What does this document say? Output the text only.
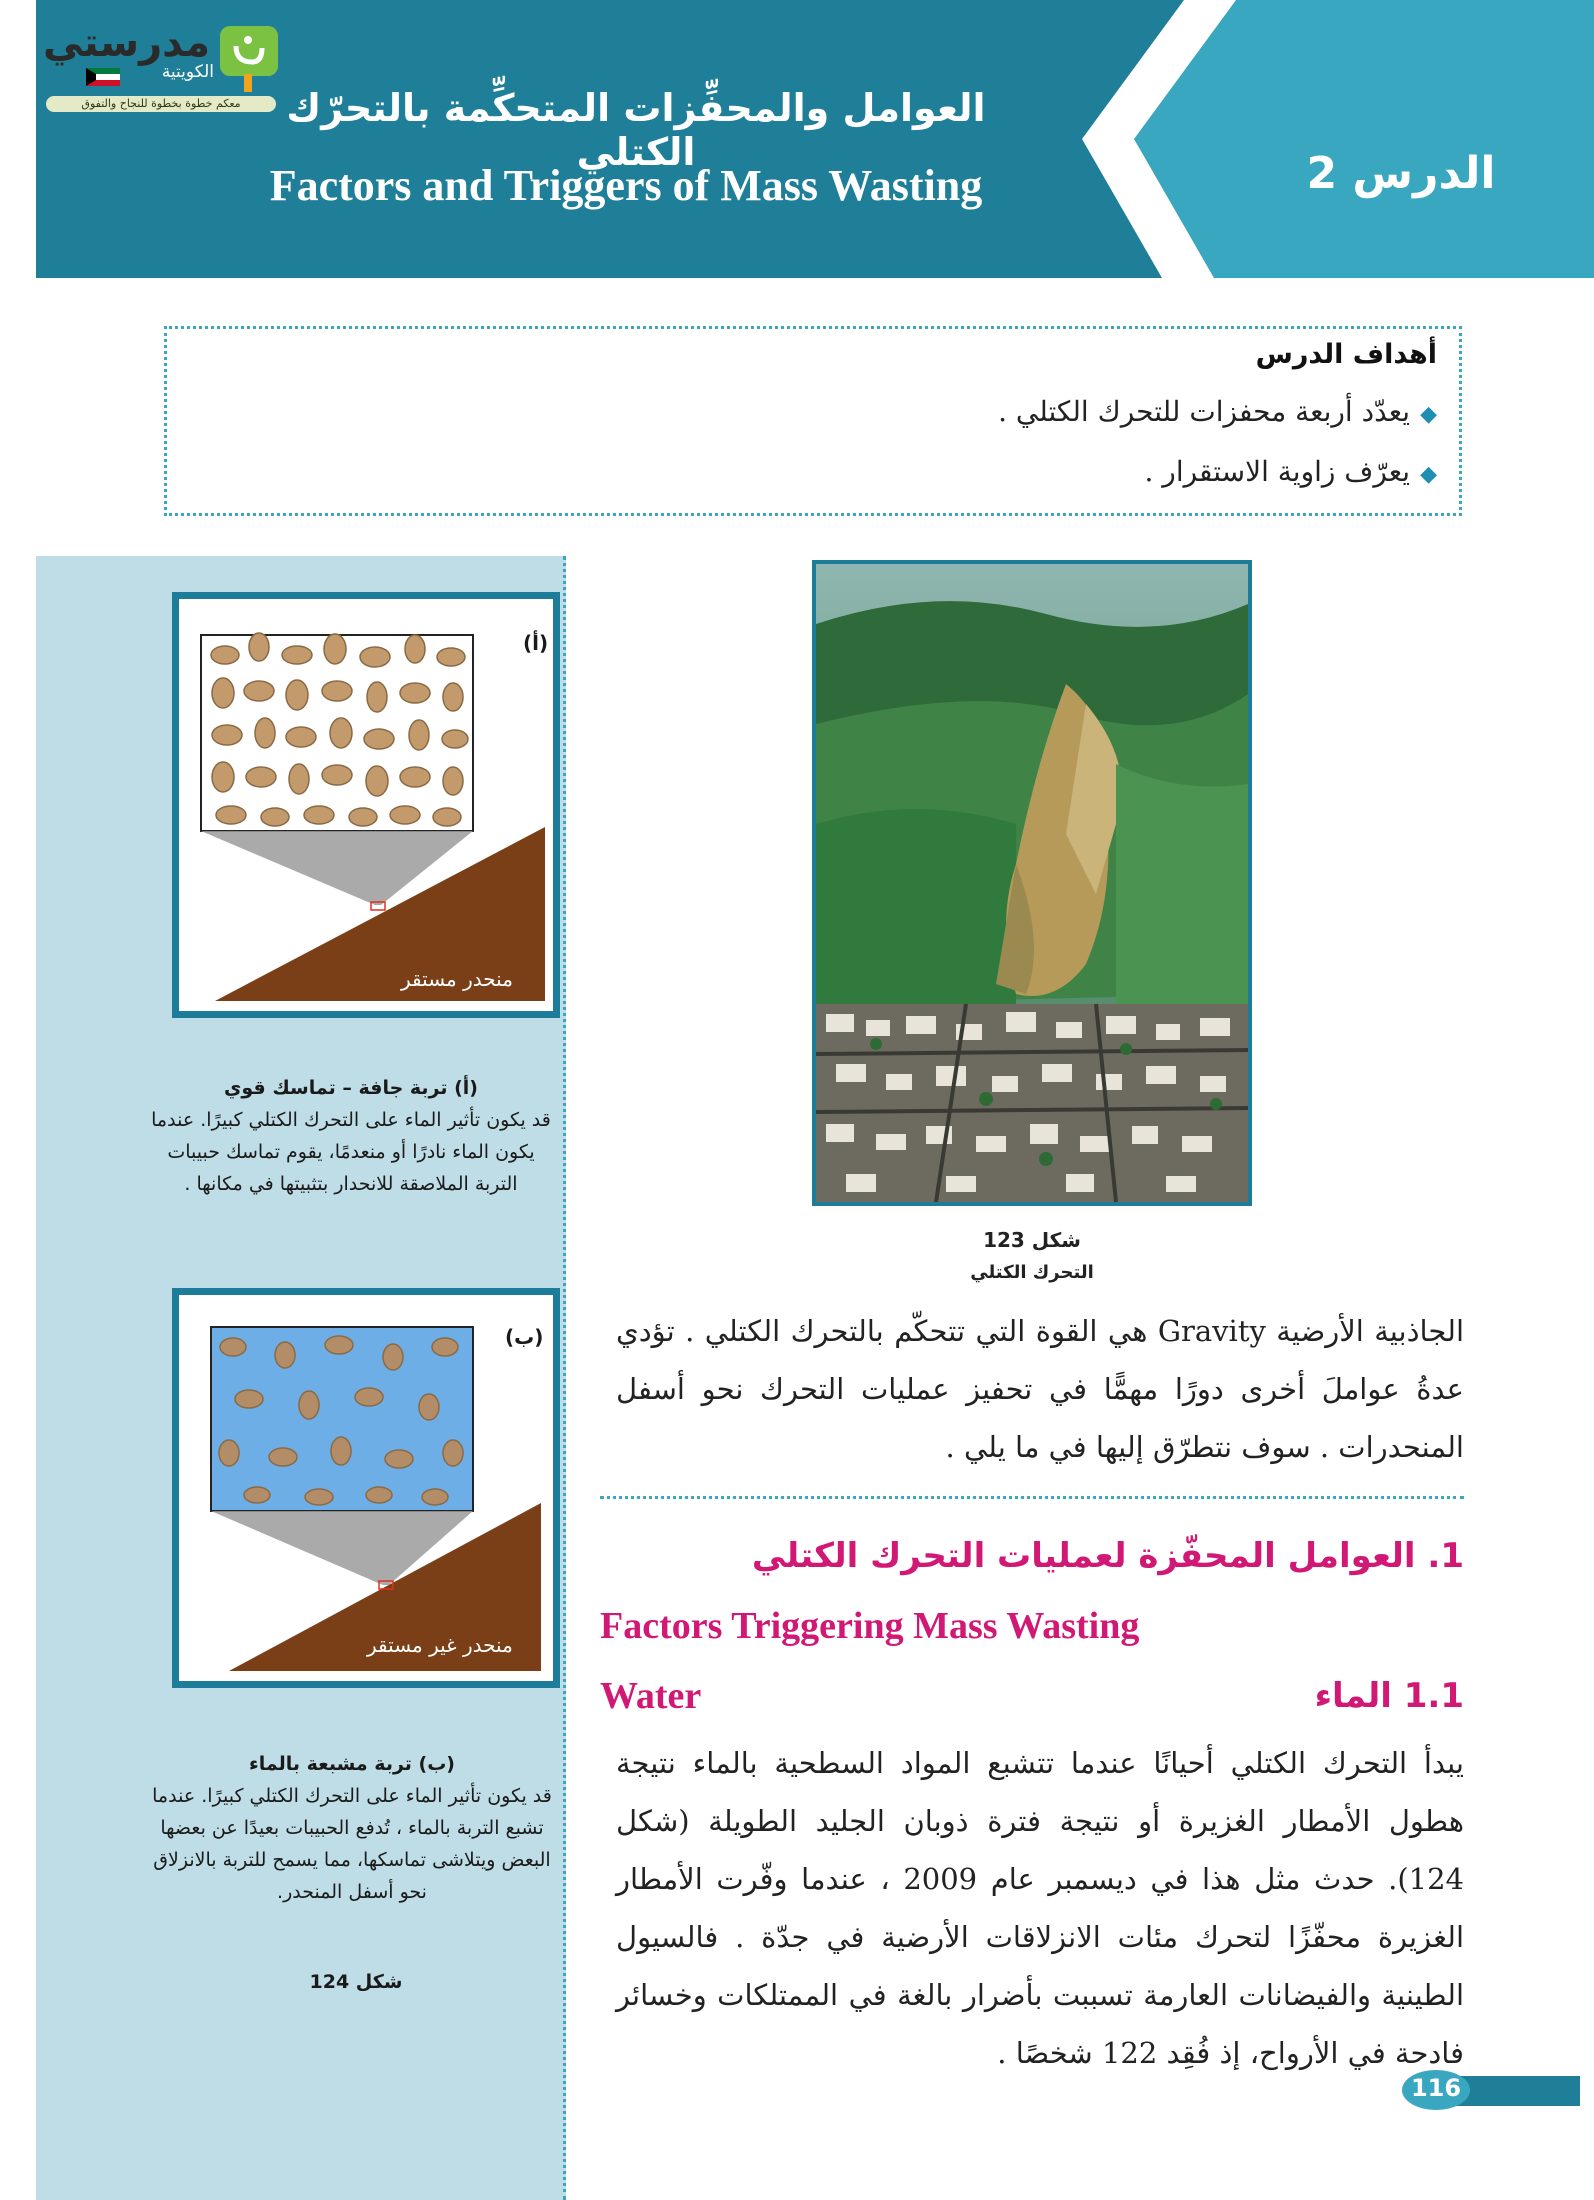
العوامل والمحفِّزات المتحكِّمة بالتحرّك الكتلي
Factors and Triggers of Mass Wasting	الدرس 2
مدرستي
الكويتية
معكم خطوة بخطوة للنجاح والتفوق
أهداف الدرس
◆يعدّد أربعة محفزات للتحرك الكتلي .
◆يعرّف زاوية الاستقرار .
(أ)
منحدر مستقر
(أ) تربة جافة – تماسك قوي
قد يكون تأثير الماء على التحرك الكتلي كبيرًا. عندما يكون الماء نادرًا أو منعدمًا، يقوم تماسك حبيبات التربة الملاصقة للانحدار بتثبيتها في مكانها .
(ب)
منحدر غير مستقر
(ب) تربة مشبعة بالماء
قد يكون تأثير الماء على التحرك الكتلي كبيرًا. عندما تشبع التربة بالماء ، تُدفع الحبيبات بعيدًا عن بعضها البعض ويتلاشى تماسكها، مما يسمح للتربة بالانزلاق نحو أسفل المنحدر.
شكل 124
شكل 123
التحرك الكتلي
الجاذبية الأرضية Gravity هي القوة التي تتحكّم بالتحرك الكتلي . تؤدي عدةُ عواملَ أخرى دورًا مهمًّا في تحفيز عمليات التحرك نحو أسفل المنحدرات . سوف نتطرّق إليها في ما يلي .
1. العوامل المحفّزة لعمليات التحرك الكتلي
Factors Triggering Mass Wasting
1.1 الماء
Water
يبدأ التحرك الكتلي أحيانًا عندما تتشبع المواد السطحية بالماء نتيجة هطول الأمطار الغزيرة أو نتيجة فترة ذوبان الجليد الطويلة (شكل 124). حدث مثل هذا في ديسمبر عام 2009 ، عندما وفّرت الأمطار الغزيرة محفّزًا لتحرك مئات الانزلاقات الأرضية في جدّة . فالسيول الطينية والفيضانات العارمة تسببت بأضرار بالغة في الممتلكات وخسائر فادحة في الأرواح، إذ فُقِد 122 شخصًا .
116
